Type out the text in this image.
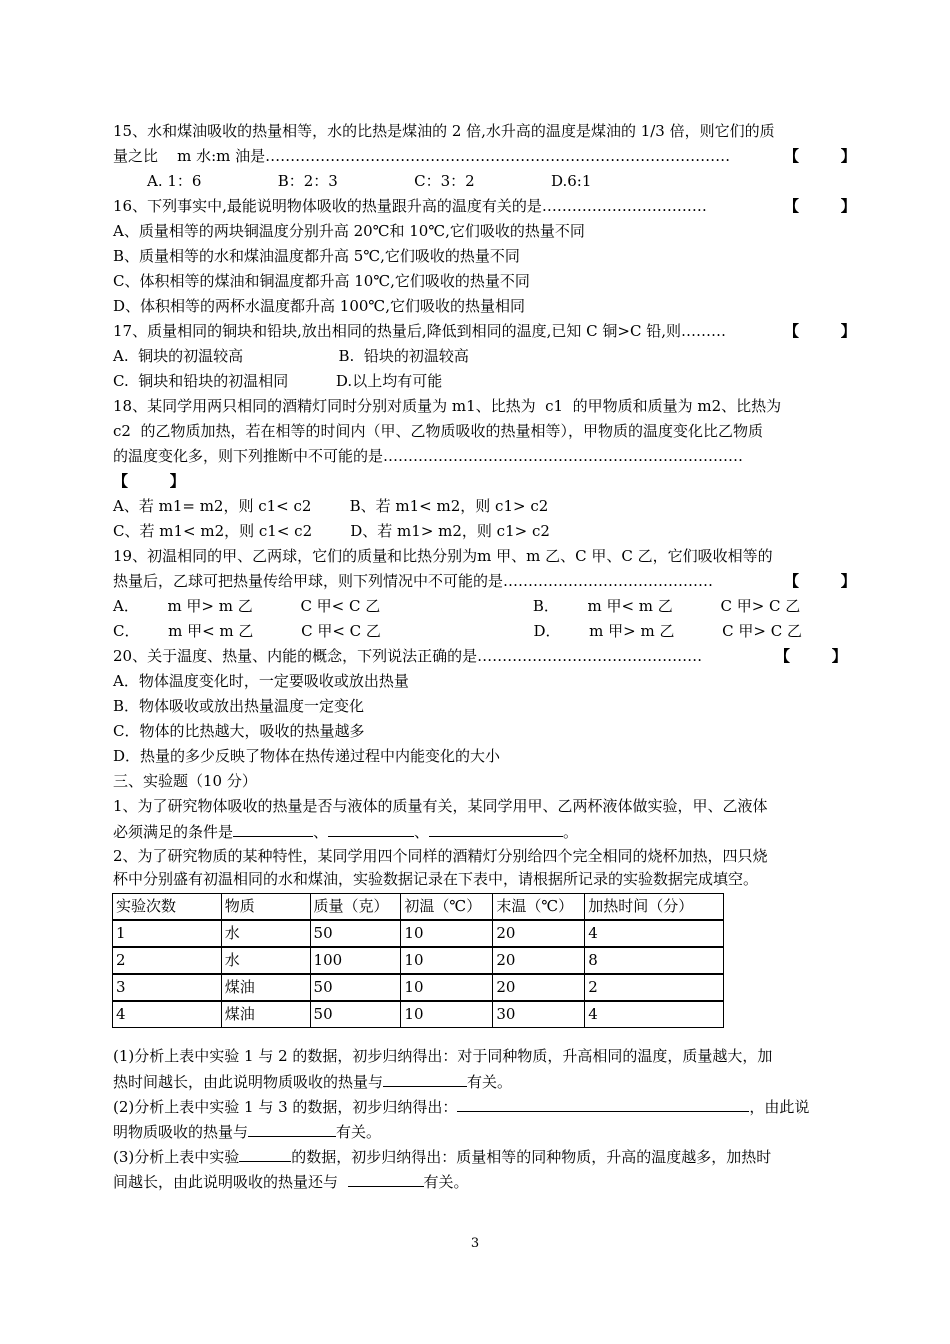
15、水和煤油吸收的热量相等，水的比热是煤油的 2 倍,水升高的温度是煤油的 1/3 倍，则它们的质
量之比    m 水:m 油是…………………………………………………………………………………	【        】
A. 1：6                B：2：3                C：3：2                D.6:1
16、下列事实中,最能说明物体吸收的热量跟升高的温度有关的是……………………………	【        】
A、质量相等的两块铜温度分别升高 20℃和 10℃,它们吸收的热量不同
B、质量相等的水和煤油温度都升高 5℃,它们吸收的热量不同
C、体积相等的煤油和铜温度都升高 10℃,它们吸收的热量不同
D、体积相等的两杯水温度都升高 100℃,它们吸收的热量相同
17、质量相同的铜块和铅块,放出相同的热量后,降低到相同的温度,已知 C 铜>C 铅,则………	【        】
A.  铜块的初温较高                    B.  铅块的初温较高
C.  铜块和铅块的初温相同          D.以上均有可能
18、某同学用两只相同的酒精灯同时分别对质量为 m1、比热为  c1  的甲物质和质量为 m2、比热为
c2  的乙物质加热，若在相等的时间内（甲、乙物质吸收的热量相等），甲物质的温度变化比乙物质
的温度变化多，则下列推断中不可能的是………………………………………………………………
【        】
A、若 m1= m2，则 c1< c2        B、若 m1< m2，则 c1> c2
C、若 m1< m2，则 c1< c2        D、若 m1> m2，则 c1> c2
19、初温相同的甲、乙两球，它们的质量和比热分别为m 甲、m 乙、C 甲、C 乙，它们吸收相等的
热量后，乙球可把热量传给甲球，则下列情况中不可能的是……………………………………	【        】
A．      m 甲> m 乙          C 甲< C 乙                                B．      m 甲< m 乙          C 甲> C 乙
C．      m 甲< m 乙          C 甲< C 乙                                D．      m 甲> m 乙          C 甲> C 乙
20、关于温度、热量、内能的概念，下列说法正确的是………………………………………	【        】
A．物体温度变化时，一定要吸收或放出热量
B．物体吸收或放出热量温度一定变化
C．物体的比热越大，吸收的热量越多
D．热量的多少反映了物体在热传递过程中内能变化的大小
三、实验题（10 分）
1、为了研究物体吸收的热量是否与液体的质量有关，某同学用甲、乙两杯液体做实验，甲、乙液体
必须满足的条件是	、	、	。
2、为了研究物质的某种特性，某同学用四个同样的酒精灯分别给四个完全相同的烧杯加热，四只烧
杯中分别盛有初温相同的水和煤油，实验数据记录在下表中，请根据所记录的实验数据完成填空。
实验次数	物质	质量（克）	初温（℃）	末温（℃）	加热时间（分）
1	水	50	10	20	4
2	水	100	10	20	8
3	煤油	50	10	20	2
4	煤油	50	10	30	4
(1)分析上表中实验 1 与 2 的数据，初步归纳得出：对于同种物质，升高相同的温度，质量越大，加
热时间越长，由此说明物质吸收的热量与	有关。
(2)分析上表中实验 1 与 3 的数据，初步归纳得出：	，由此说
明物质吸收的热量与	有关。
(3)分析上表中实验	的数据，初步归纳得出：质量相等的同种物质，升高的温度越多，加热时
间越长，由此说明吸收的热量还与	有关。
3
